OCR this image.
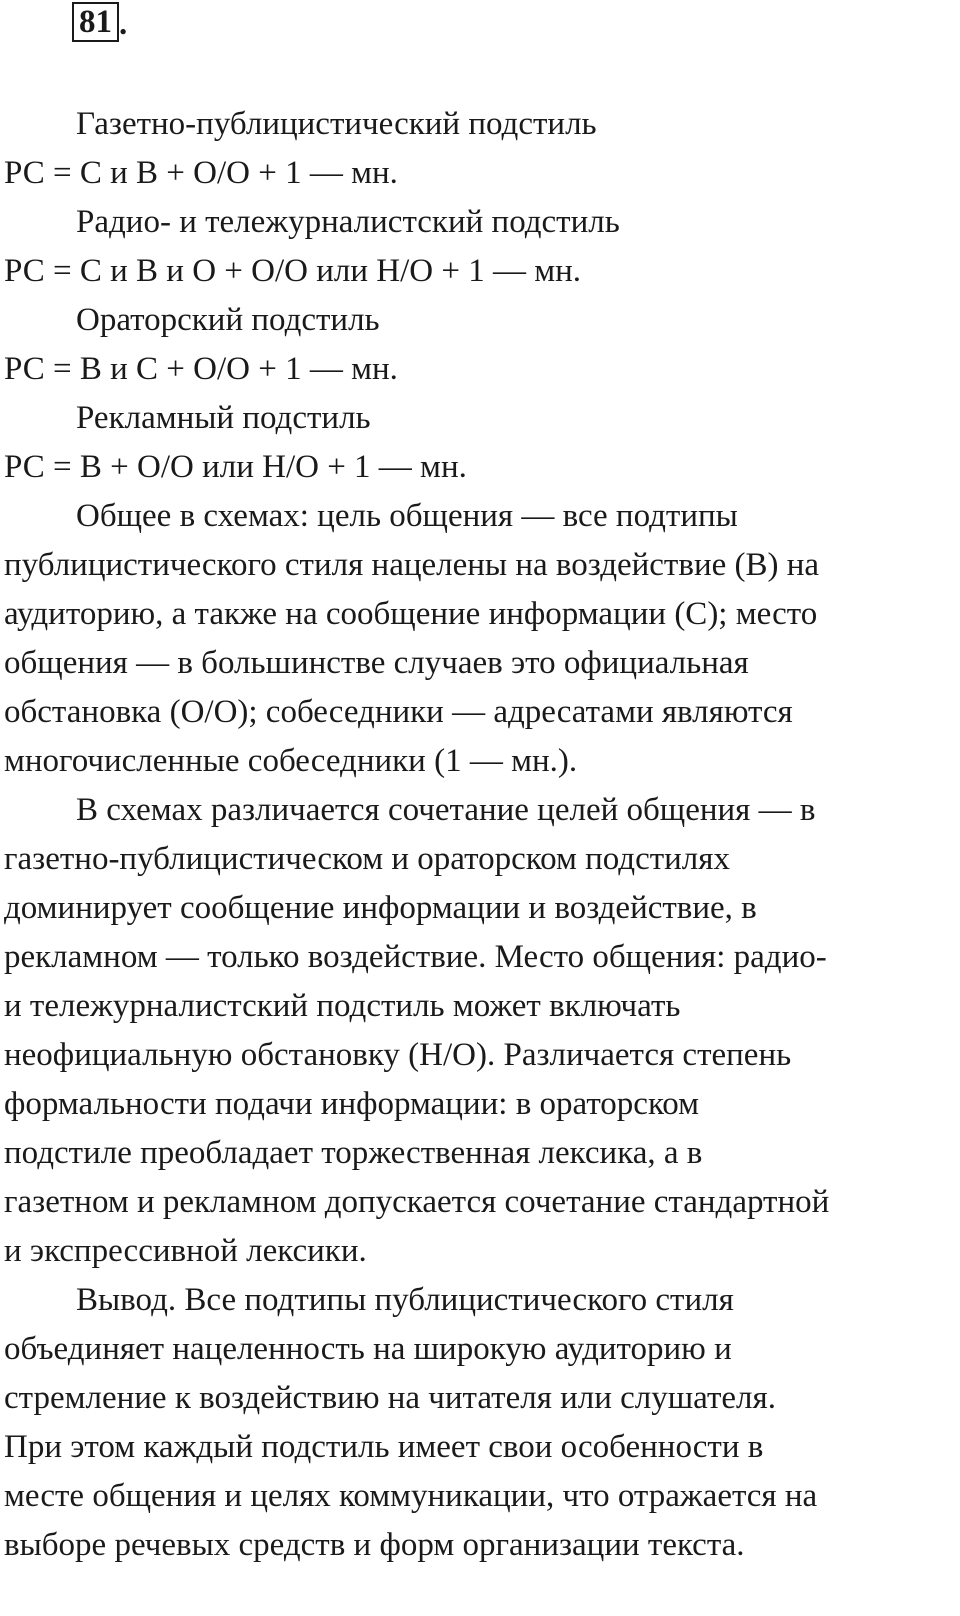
81 .
Газетно-публицистический подстиль
РС = С и В + О/О + 1 — мн.
Радио- и тележурналистский подстиль
РС = С и В и О + О/О или Н/О + 1 — мн.
Ораторский подстиль
РС = В и С + О/О + 1 — мн.
Рекламный подстиль
РС = В + О/О или Н/О + 1 — мн.
Общее в схемах: цель общения — все подтипы
публицистического стиля нацелены на воздействие (В) на
аудиторию, а также на сообщение информации (С); место
общения — в большинстве случаев это официальная
обстановка (О/О); собеседники — адресатами являются
многочисленные собеседники (1 — мн.).
В схемах различается сочетание целей общения — в
газетно-публицистическом и ораторском подстилях
доминирует сообщение информации и воздействие, в
рекламном — только воздействие. Место общения: радио-
и тележурналистский подстиль может включать
неофициальную обстановку (Н/О). Различается степень
формальности подачи информации: в ораторском
подстиле преобладает торжественная лексика, а в
газетном и рекламном допускается сочетание стандартной
и экспрессивной лексики.
Вывод. Все подтипы публицистического стиля
объединяет нацеленность на широкую аудиторию и
стремление к воздействию на читателя или слушателя.
При этом каждый подстиль имеет свои особенности в
месте общения и целях коммуникации, что отражается на
выборе речевых средств и форм организации текста.
